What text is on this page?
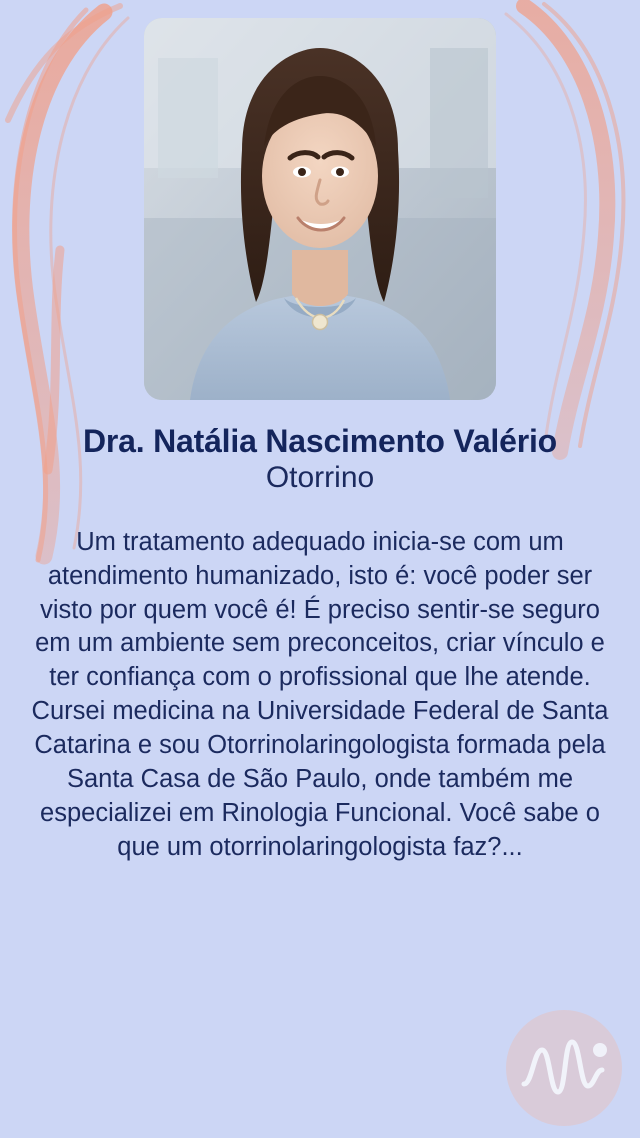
Dra. Natália Nascimento Valério
Otorrino
Um tratamento adequado inicia-se com um atendimento humanizado, isto é: você poder ser visto por quem você é! É preciso sentir-se seguro em um ambiente sem preconceitos, criar vínculo e ter confiança com o profissional que lhe atende. Cursei medicina na Universidade Federal de Santa Catarina e sou Otorrinolaringologista formada pela Santa Casa de São Paulo, onde também me especializei em Rinologia Funcional. Você sabe o que um otorrinolaringologista faz?...
